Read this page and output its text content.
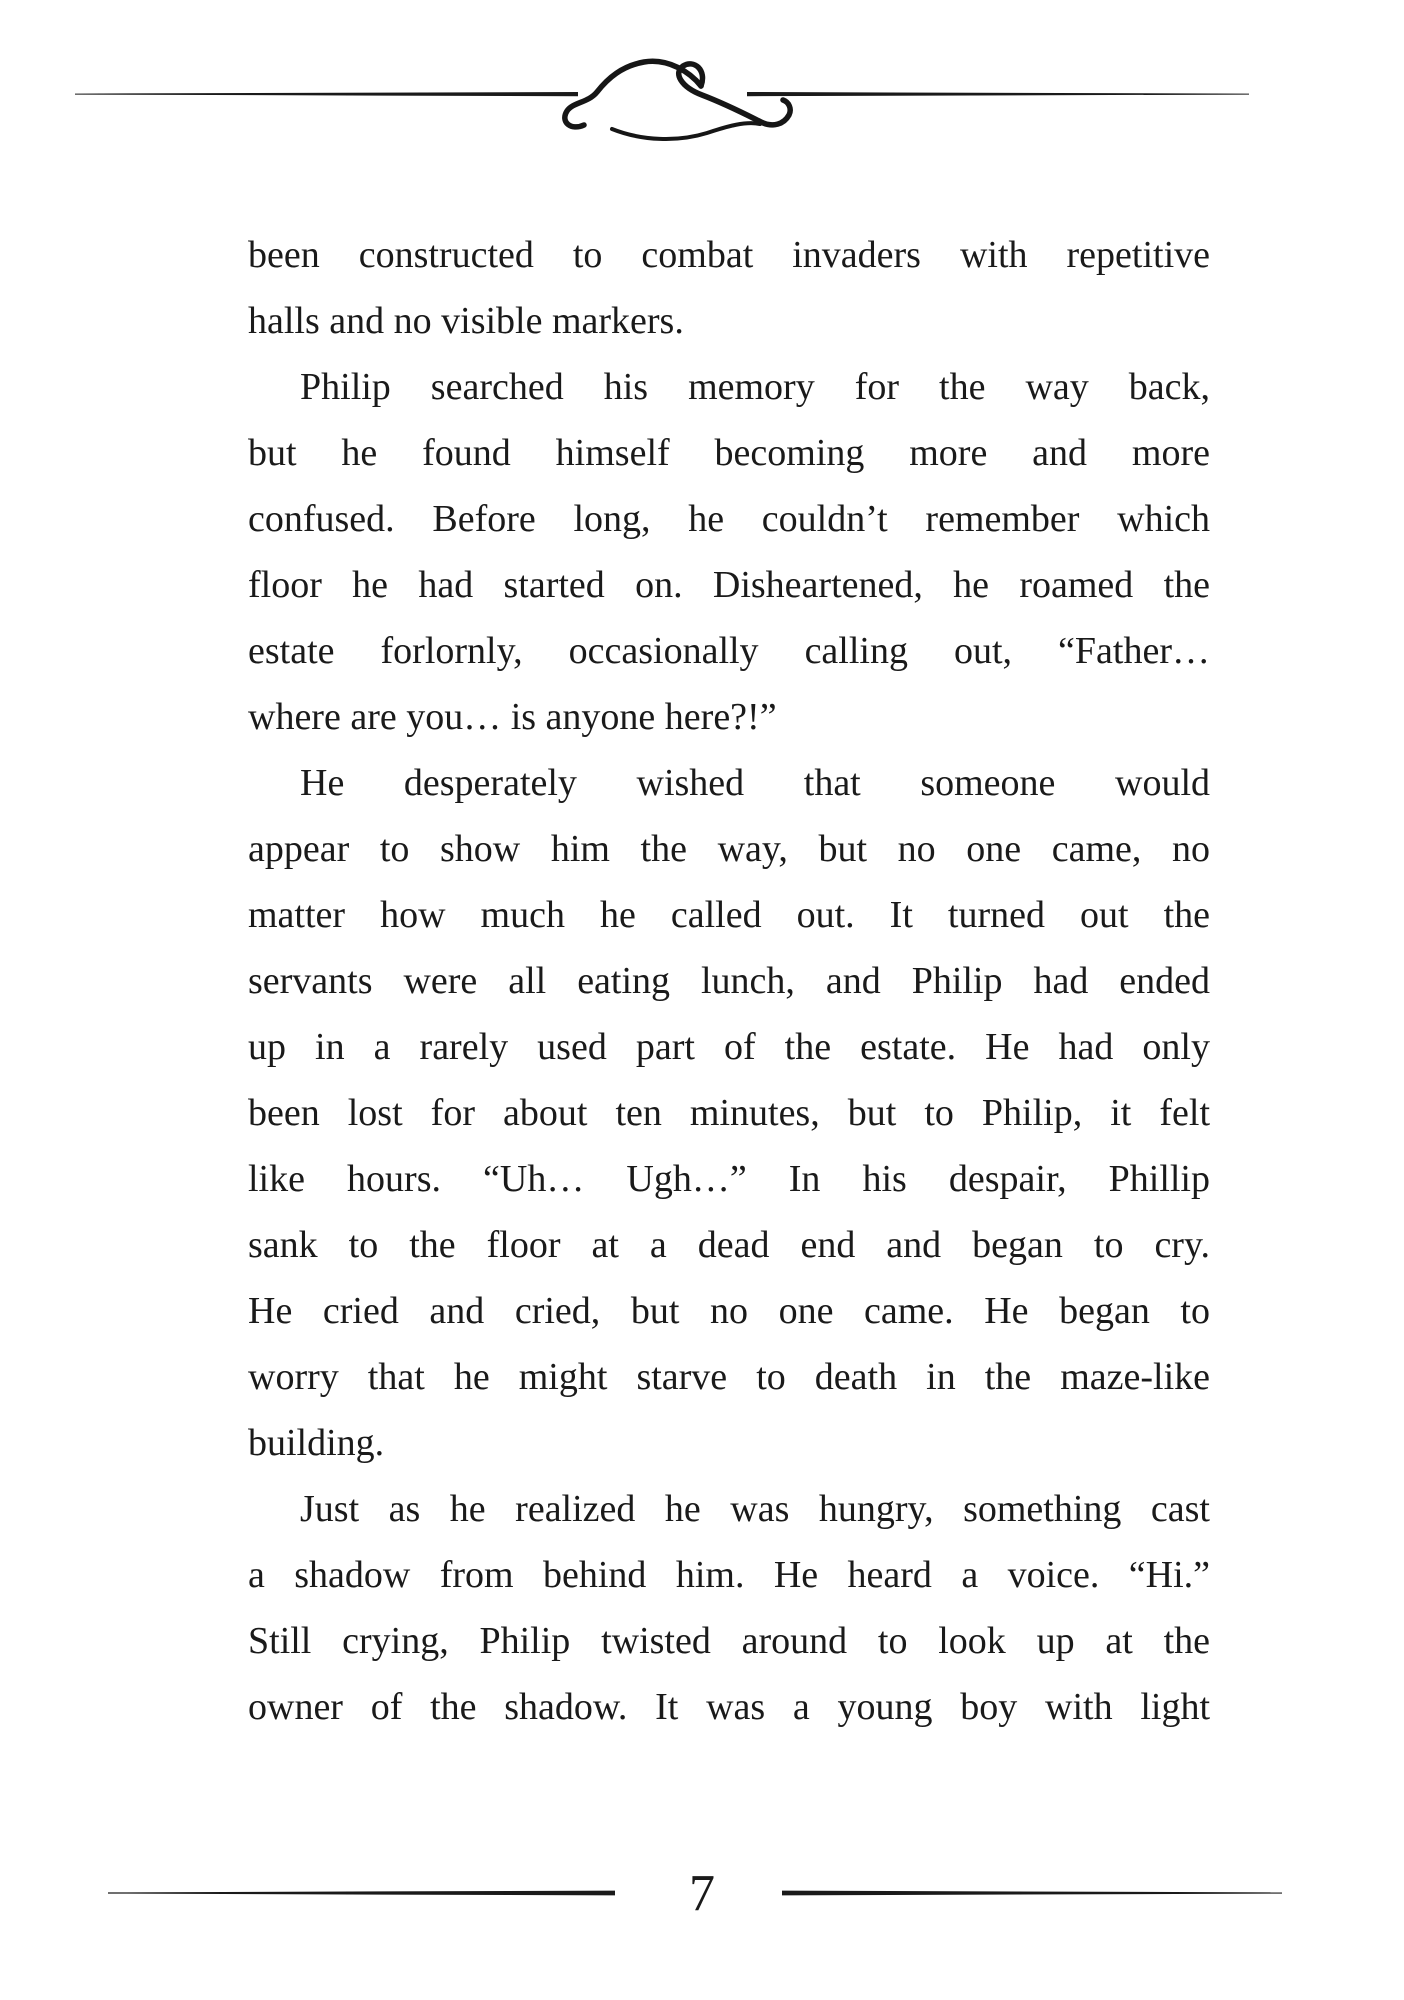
been constructed to combat invaders with repetitive
halls and no visible markers.
Philip searched his memory for the way back,
but he found himself becoming more and more
confused. Before long, he couldn’t remember which
floor he had started on. Disheartened, he roamed the
estate forlornly, occasionally calling out, “Father…
where are you… is anyone here?!”
He desperately wished that someone would
appear to show him the way, but no one came, no
matter how much he called out. It turned out the
servants were all eating lunch, and Philip had ended
up in a rarely used part of the estate. He had only
been lost for about ten minutes, but to Philip, it felt
like hours. “Uh… Ugh…” In his despair, Phillip
sank to the floor at a dead end and began to cry.
He cried and cried, but no one came. He began to
worry that he might starve to death in the maze-like
building.
Just as he realized he was hungry, something cast
a shadow from behind him. He heard a voice. “Hi.”
Still crying, Philip twisted around to look up at the
owner of the shadow. It was a young boy with light
7
